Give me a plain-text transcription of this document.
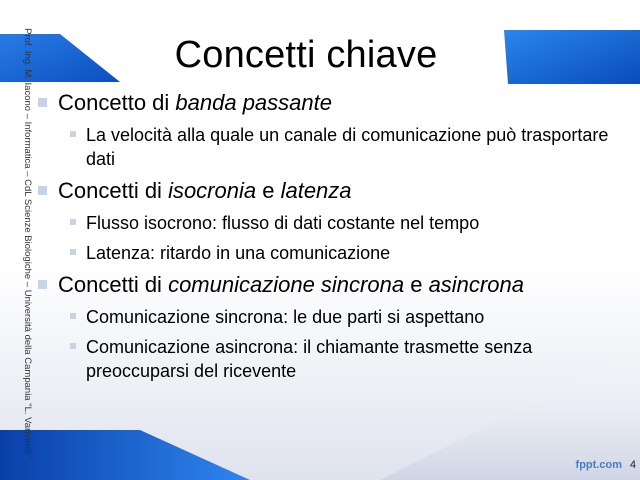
Prof. Ing. M. Iacono – Informatica – CdL Scienze Biologiche – Università della Campania "L. Vanvitelli"	Concetti chiave
Concetto di banda passante
La velocità alla quale un canale di comunicazione può trasportare dati
Concetti di isocronia e latenza
Flusso isocrono: flusso di dati costante nel tempo
Latenza: ritardo in una comunicazione
Concetti di comunicazione sincrona e asincrona
Comunicazione sincrona: le due parti si aspettano
Comunicazione asincrona: il chiamante trasmette senza preoccuparsi del ricevente
fppt.com 4
